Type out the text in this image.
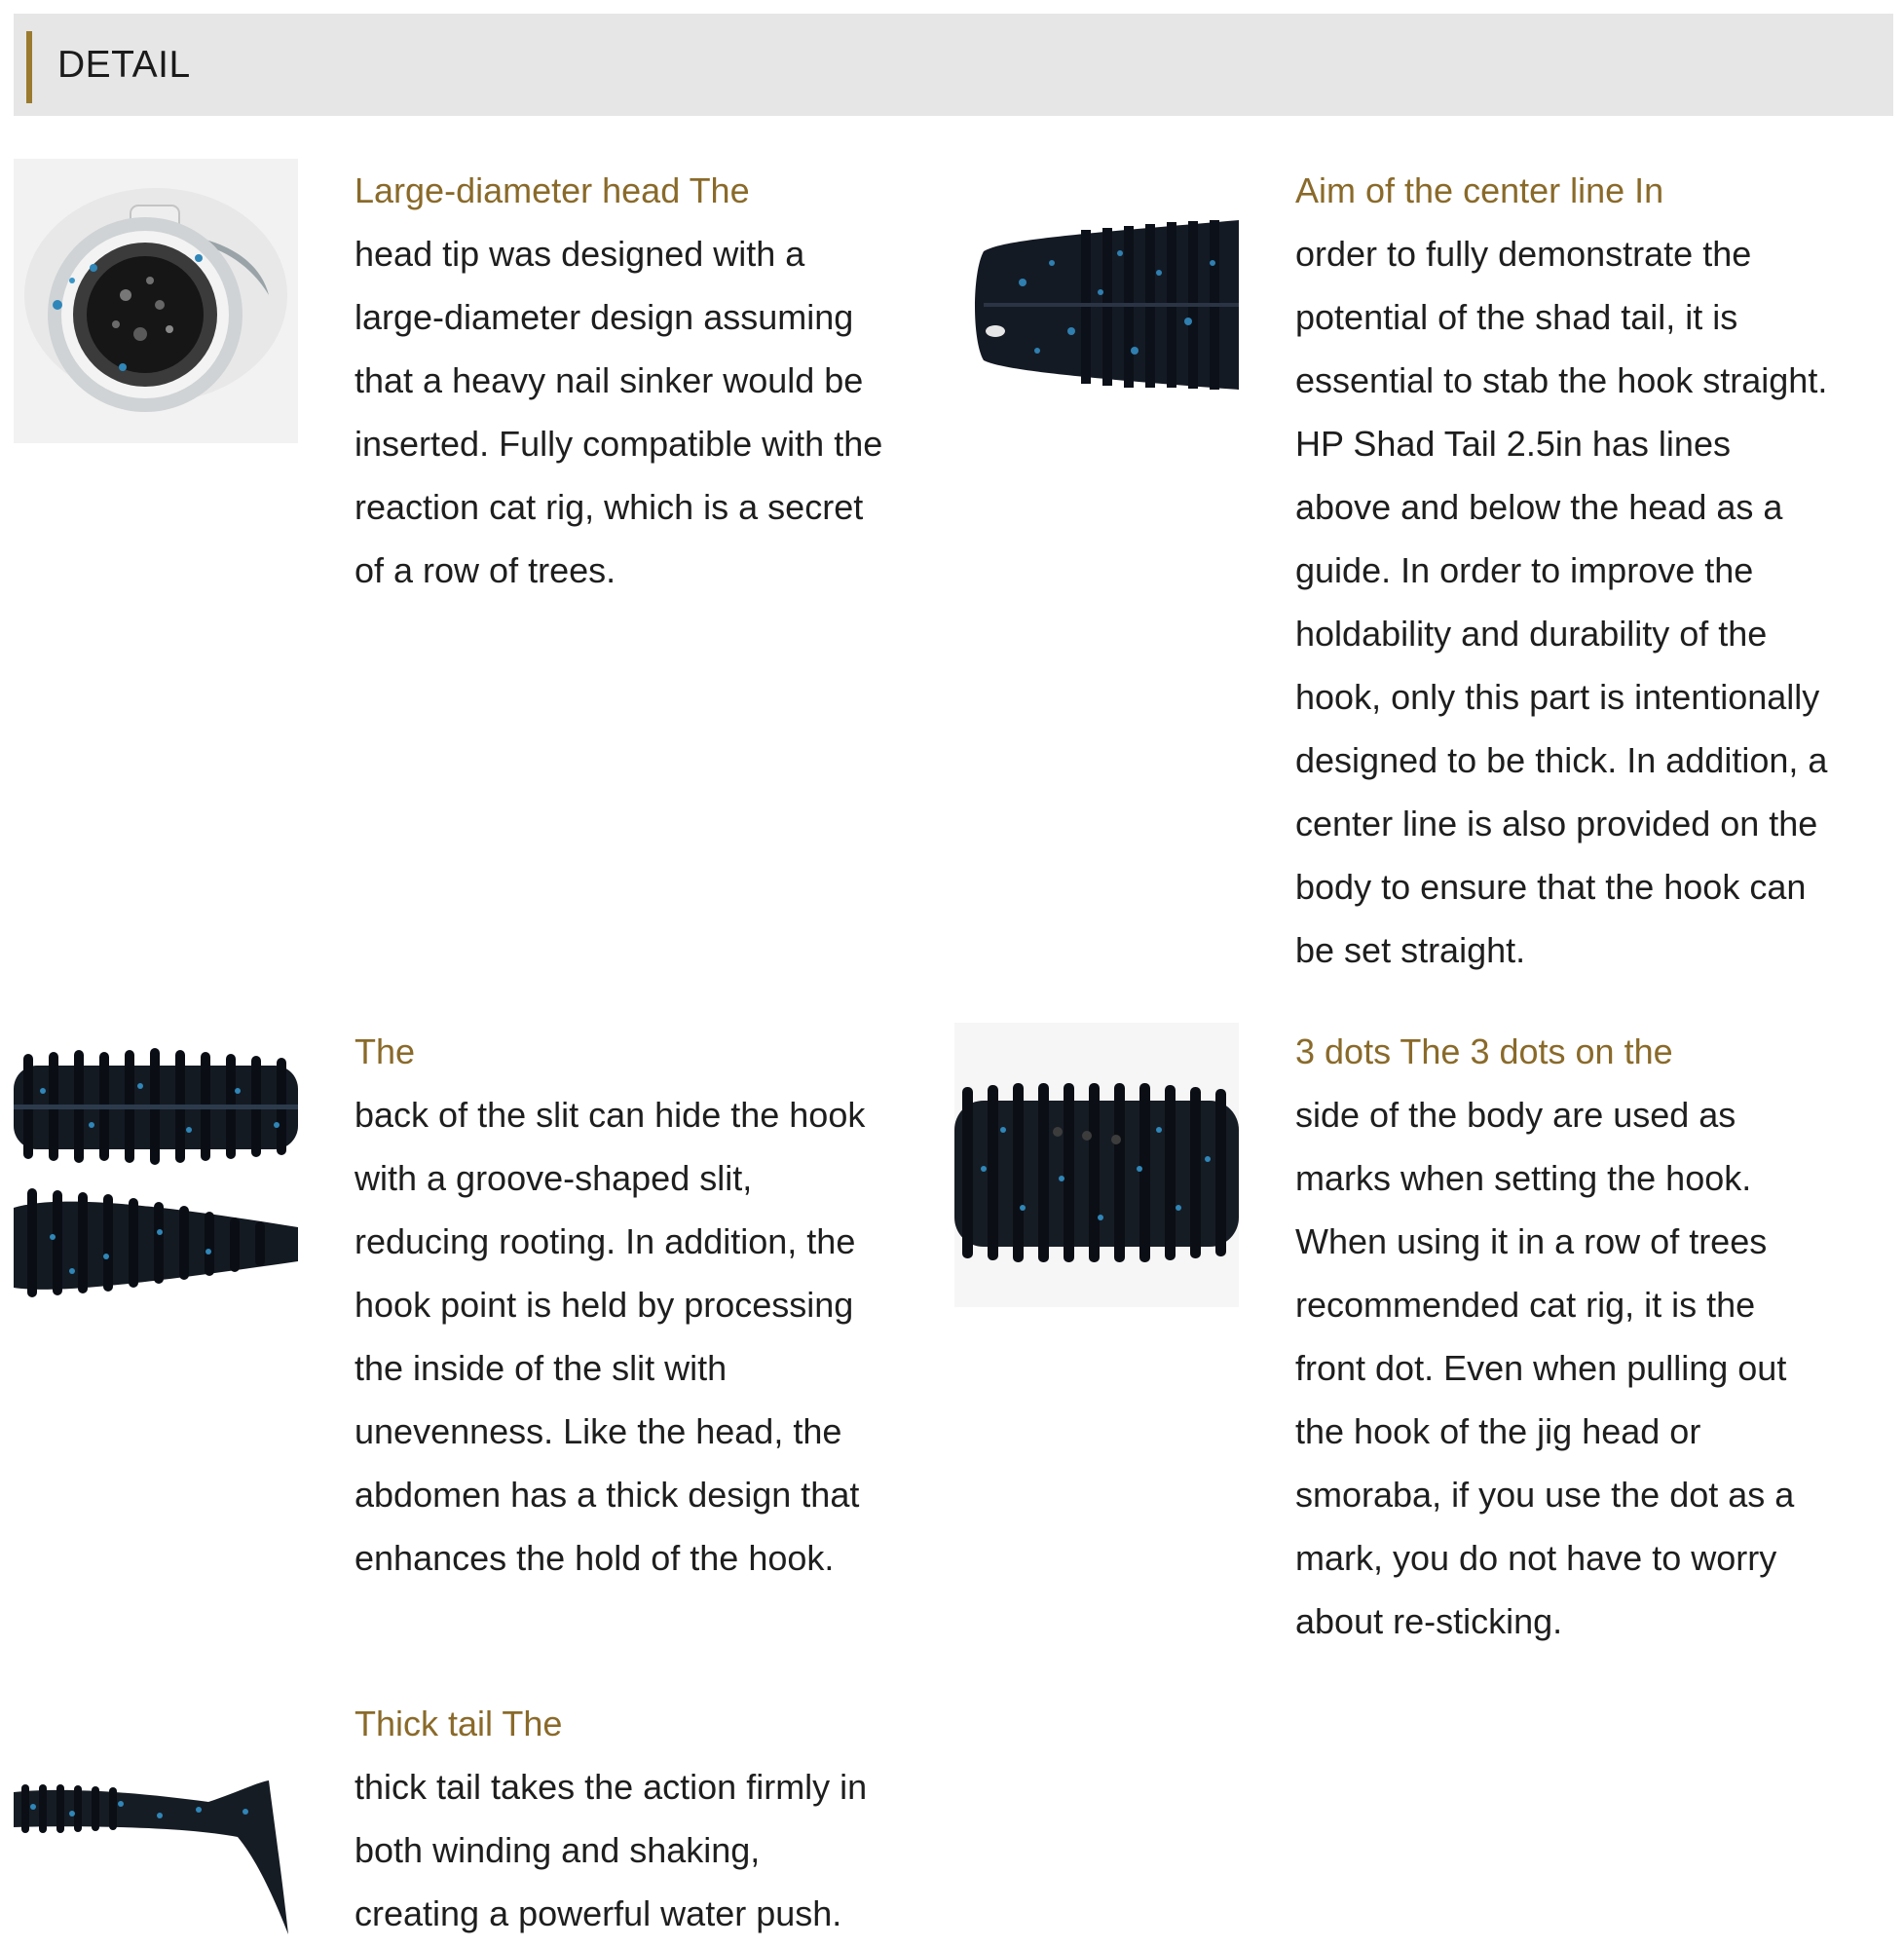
DETAIL
Large-diameter head The

head tip was designed with a
large-diameter design assuming
that a heavy nail sinker would be
inserted. Fully compatible with the
reaction cat rig, which is a secret
of a row of trees.

Aim of the center line In

order to fully demonstrate the
potential of the shad tail, it is
essential to stab the hook straight.
HP Shad Tail 2.5in has lines
above and below the head as a
guide. In order to improve the
holdability and durability of the
hook, only this part is intentionally
designed to be thick. In addition, a
center line is also provided on the
body to ensure that the hook can
be set straight.

The

back of the slit can hide the hook
with a groove-shaped slit,
reducing rooting. In addition, the
hook point is held by processing
the inside of the slit with
unevenness. Like the head, the
abdomen has a thick design that
enhances the hold of the hook.

3 dots The 3 dots on the

side of the body are used as
marks when setting the hook.
When using it in a row of trees
recommended cat rig, it is the
front dot. Even when pulling out
the hook of the jig head or
smoraba, if you use the dot as a
mark, you do not have to worry
about re-sticking.

Thick tail The

thick tail takes the action firmly in
both winding and shaking,
creating a powerful water push.
